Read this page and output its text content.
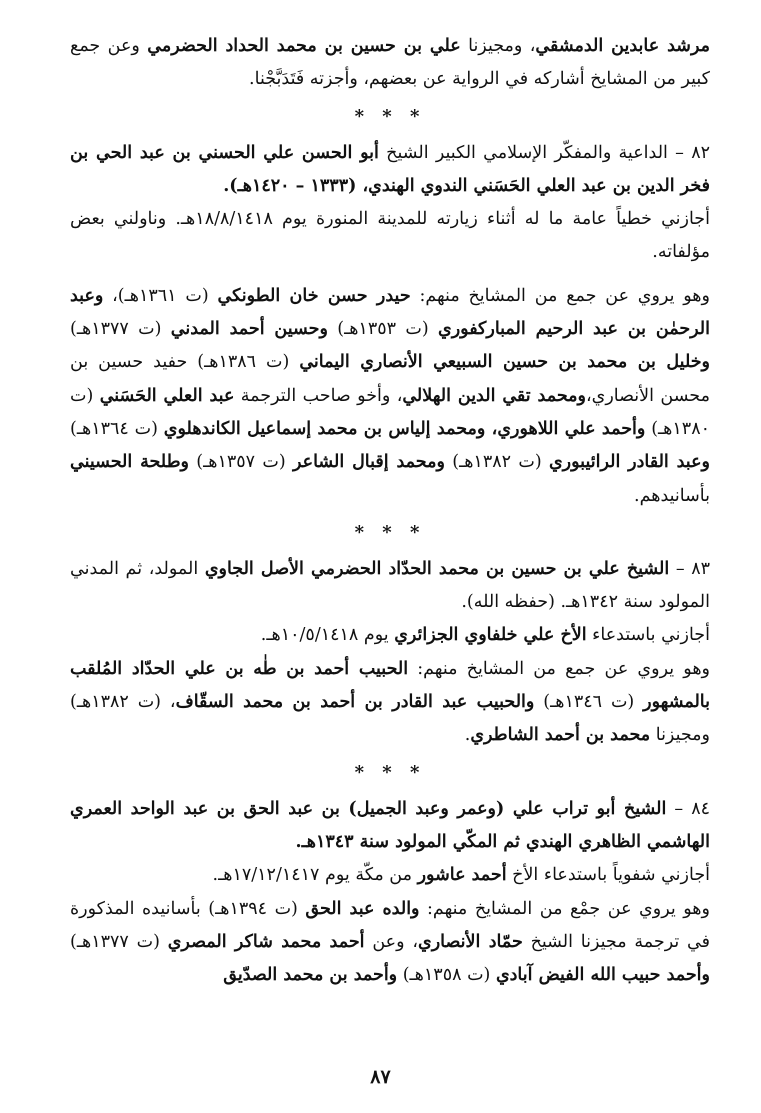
مرشد عابدين الدمشقي، ومجيزنا علي بن حسين بن محمد الحداد الحضرمي وعن جمع كبير من المشايخ أشاركه في الرواية عن بعضهم، وأجزته فَتَدَبَّجْنا.

* * *

٨٢ – الداعية والمفكّر الإسلامي الكبير الشيخ أبو الحسن علي الحسني بن عبد الحي بن فخر الدين بن عبد العلي الحَسَني الندوي الهندي، (١٣٣٣ – ١٤٢٠هـ).

أجازني خطياً عامة ما له أثناء زيارته للمدينة المنورة يوم ١٨/٨/١٤١٨هـ. وناولني بعض مؤلفاته.

وهو يروي عن جمع من المشايخ منهم: حيدر حسن خان الطونكي (ت ١٣٦١هـ)، وعبد الرحمٰن بن عبد الرحيم المباركفوري (ت ١٣٥٣هـ) وحسين أحمد المدني (ت ١٣٧٧هـ) وخليل بن محمد بن حسين السبيعي الأنصاري اليماني (ت ١٣٨٦هـ) حفيد حسين بن محسن الأنصاري،ومحمد تقي الدين الهلالي، وأخو صاحب الترجمة عبد العلي الحَسَني (ت ١٣٨٠هـ) وأحمد علي اللاهوري، ومحمد إلياس بن محمد إسماعيل الكاندهلوي (ت ١٣٦٤هـ) وعبد القادر الرائيبوري (ت ١٣٨٢هـ) ومحمد إقبال الشاعر (ت ١٣٥٧هـ) وطلحة الحسيني بأسانيدهم.

* * *

٨٣ – الشيخ علي بن حسين بن محمد الحدّاد الحضرمي الأصل الجاوي المولد، ثم المدني المولود سنة ١٣٤٢هـ. (حفظه الله).

أجازني باستدعاء الأخ علي خلفاوي الجزائري يوم ١٠/٥/١٤١٨هـ.

وهو يروي عن جمع من المشايخ منهم: الحبيب أحمد بن طٰه بن علي الحدّاد المُلقب بالمشهور (ت ١٣٤٦هـ) والحبيب عبد القادر بن أحمد بن محمد السقّاف، (ت ١٣٨٢هـ) ومجيزنا محمد بن أحمد الشاطري.

* * *

٨٤ – الشيخ أبو تراب علي (وعمر وعبد الجميل) بن عبد الحق بن عبد الواحد العمري الهاشمي الظاهري الهندي ثم المكّي المولود سنة ١٣٤٣هـ.

أجازني شفوياً باستدعاء الأخ أحمد عاشور من مكّة يوم ١٧/١٢/١٤١٧هـ.

وهو يروي عن جمْع من المشايخ منهم: والده عبد الحق (ت ١٣٩٤هـ) بأسانيده المذكورة في ترجمة مجيزنا الشيخ حمّاد الأنصاري، وعن أحمد محمد شاكر المصري (ت ١٣٧٧هـ) وأحمد حبيب الله الفيض آبادي (ت ١٣٥٨هـ) وأحمد بن محمد الصدّيق

٨٧
